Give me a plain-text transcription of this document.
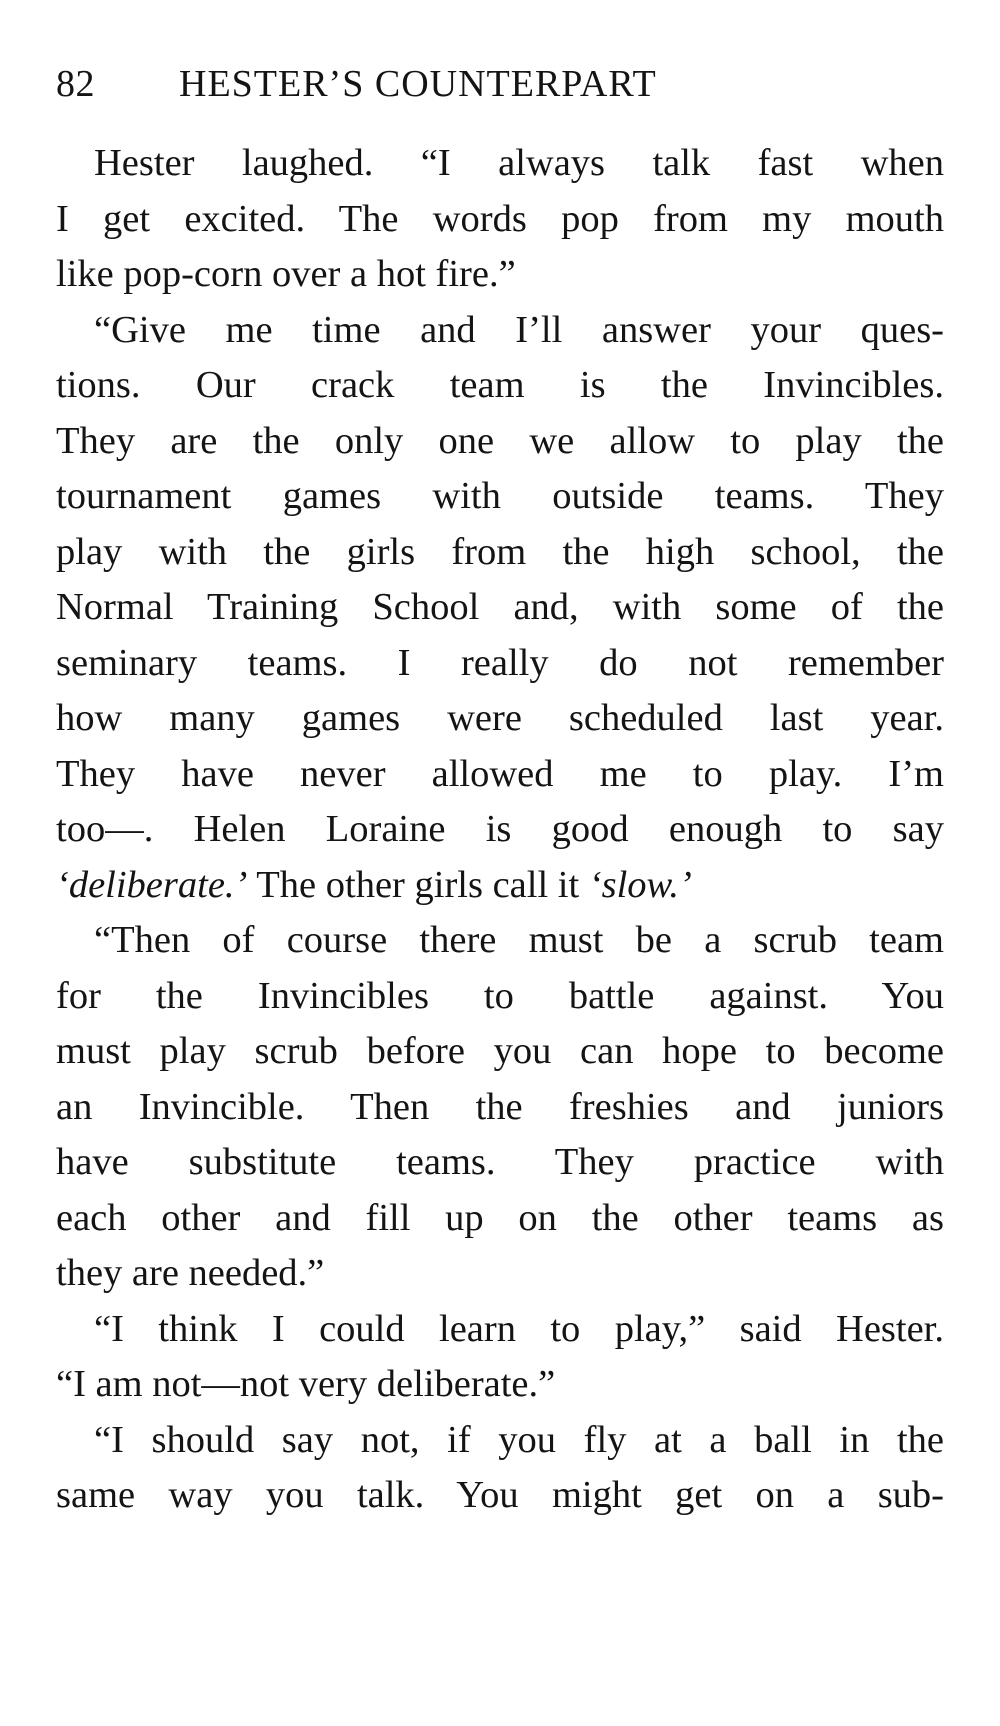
82 HESTER’S COUNTERPART
Hester laughed. “I always talk fast when
I get excited. The words pop from my mouth
like pop-corn over a hot fire.”
“Give me time and I’ll answer your ques-
tions. Our crack team is the Invincibles.
They are the only one we allow to play the
tournament games with outside teams. They
play with the girls from the high school, the
Normal Training School and, with some of the
seminary teams. I really do not remember
how many games were scheduled last year.
They have never allowed me to play. I’m
too—. Helen Loraine is good enough to say
‘deliberate.’ The other girls call it ‘slow.’
“Then of course there must be a scrub team
for the Invincibles to battle against. You
must play scrub before you can hope to become
an Invincible. Then the freshies and juniors
have substitute teams. They practice with
each other and fill up on the other teams as
they are needed.”
“I think I could learn to play,” said Hester.
“I am not—not very deliberate.”
“I should say not, if you fly at a ball in the
same way you talk. You might get on a sub-
